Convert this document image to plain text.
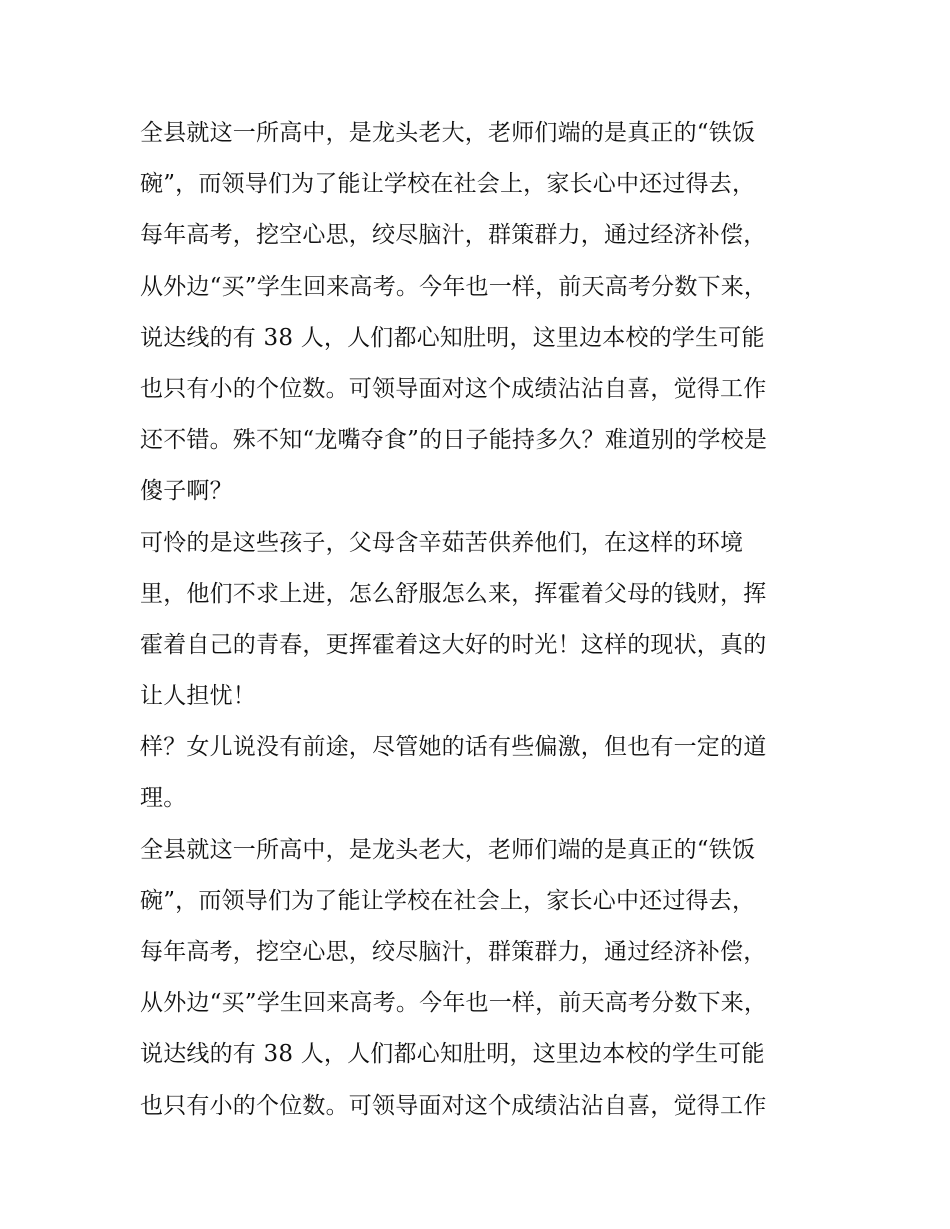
全县就这一所高中，是龙头老大，老师们端的是真正的“铁饭
碗”，而领导们为了能让学校在社会上，家长心中还过得去，
每年高考，挖空心思，绞尽脑汁，群策群力，通过经济补偿，
从外边“买”学生回来高考。今年也一样，前天高考分数下来，
说达线的有 38 人，人们都心知肚明，这里边本校的学生可能
也只有小的个位数。可领导面对这个成绩沾沾自喜，觉得工作
还不错。殊不知“龙嘴夺食”的日子能持多久？难道别的学校是
傻子啊？
可怜的是这些孩子，父母含辛茹苦供养他们，在这样的环境
里，他们不求上进，怎么舒服怎么来，挥霍着父母的钱财，挥
霍着自己的青春，更挥霍着这大好的时光！这样的现状，真的
让人担忧！
样？女儿说没有前途，尽管她的话有些偏激，但也有一定的道
理。
全县就这一所高中，是龙头老大，老师们端的是真正的“铁饭
碗”，而领导们为了能让学校在社会上，家长心中还过得去，
每年高考，挖空心思，绞尽脑汁，群策群力，通过经济补偿，
从外边“买”学生回来高考。今年也一样，前天高考分数下来，
说达线的有 38 人，人们都心知肚明，这里边本校的学生可能
也只有小的个位数。可领导面对这个成绩沾沾自喜，觉得工作
